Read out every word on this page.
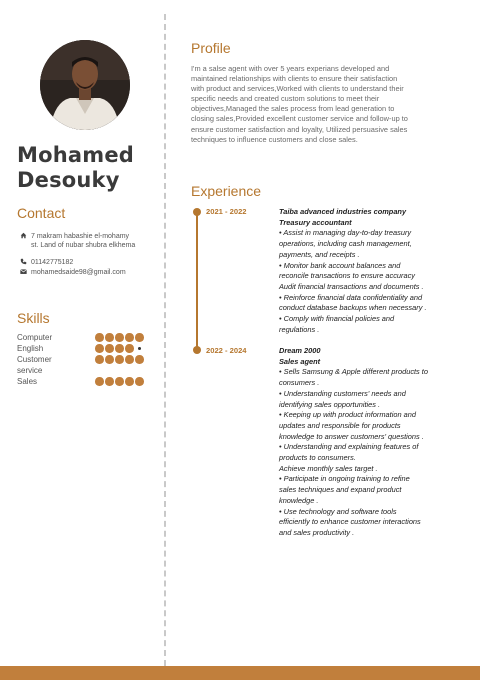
Mohamed
Desouky
Contact
7 makram habashie el-mohamy
st. Land of nubar shubra elkhema
01142775182
mohamedsaide98@gmail.com
Skills
Computer
English
Customer
service
Sales
Profile
I'm a salse agent with over 5 years experians developed and
maintained relationships with clients to ensure their satisfaction
with product and services,Worked with clients to understand their
specific needs and created custom solutions to meet their
objectives,Managed the sales process from lead generation to
closing sales,Provided excellent customer service and follow-up to
ensure customer satisfaction and loyalty, Utilized persuasive sales
techniques to influence customers and close sales.
Experience
2021 - 2022	Taiba advanced industries company
Treasury accountant
• Assist in managing day-to-day treasury
operations, including cash management,
payments, and receipts .
• Monitor bank account balances and
reconcile transactions to ensure accuracy
Audit financial transactions and documents .
• Reinforce financial data confidentiality and
conduct database backups when necessary .
• Comply with financial policies and
regulations .
2022 - 2024	Dream 2000
Sales agent
• Sells Samsung & Apple different products to
consumers .
• Understanding customers' needs and
identifying sales opportunities .
• Keeping up with product information and
updates and responsible for products
knowledge to answer customers' questions .
• Understanding and explaining features of
products to consumers.
Achieve monthly sales target .
• Participate in ongoing training to refine
sales techniques and expand product
knowledge .
• Use technology and software tools
efficiently to enhance customer interactions
and sales productivity .
